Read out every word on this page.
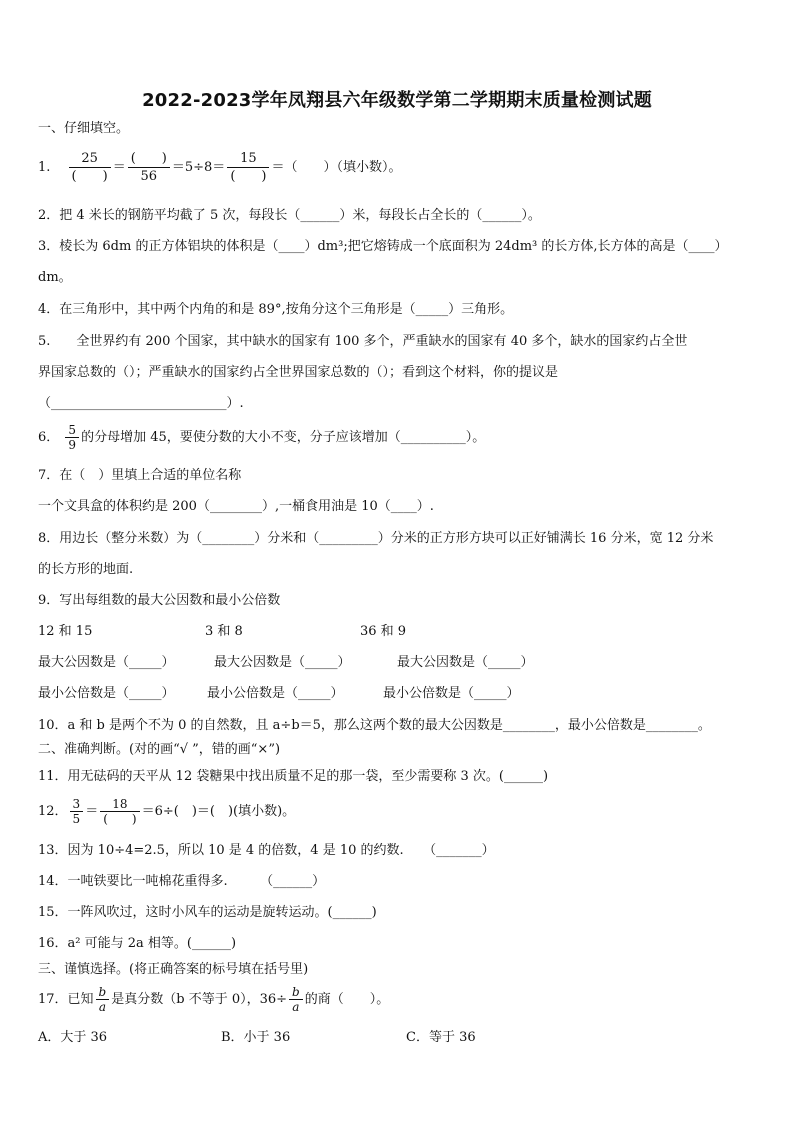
2022-2023学年凤翔县六年级数学第二学期期末质量检测试题
一、仔细填空。
1. $\frac{25}{( )} = \frac{( )}{56} =5\div 8= \frac{15}{( )}$ ＝（　　）（填小数）。
2．把 4 米长的钢筋平均截了 5 次，每段长（______）米，每段长占全长的（______）。
3．棱长为 6dm 的正方体铝块的体积是（____）dm³;把它熔铸成一个底面积为 24dm³ 的长方体,长方体的高是（____）
dm。
4．在三角形中，其中两个内角的和是 89°,按角分这个三角形是（_____）三角形。
5.　　全世界约有 200 个国家，其中缺水的国家有 100 多个，严重缺水的国家有 40 多个，缺水的国家约占全世
界国家总数的（）；严重缺水的国家约占全世界国家总数的（）；看到这个材料，你的提议是
（___________________________）.
6． $\frac{5}{9}$ 的分母增加 45，要使分数的大小不变，分子应该增加（__________）。
7．在（　）里填上合适的单位名称
一个文具盒的体积约是 200（________）,一桶食用油是 10（____）.
8．用边长（整分米数）为（________）分米和（_________）分米的正方形方块可以正好铺满长 16 分米，宽 12 分米
的长方形的地面.
9．写出每组数的最大公因数和最小公倍数
12 和 15	3 和 8	36 和 9
最大公因数是（_____）	最大公因数是（_____）	最大公因数是（_____）
最小公倍数是（_____） 最小公倍数是（_____）	最小公倍数是（_____）
10．a 和 b 是两个不为 0 的自然数，且 a÷b＝5，那么这两个数的最大公因数是________，最小公倍数是________。
二、准确判断。(对的画“√ ”，错的画“×”)
11．用无砝码的天平从 12 袋糖果中找出质量不足的那一袋，至少需要称 3 次。(______)
12． $\frac{3}{5} = \frac{18}{( )} =6\div$(　)＝(　)(填小数)。
13．因为 10÷4=2.5，所以 10 是 4 的倍数，4 是 10 的约数.　　（_______）
14．一吨铁要比一吨棉花重得多.　　　（______）
15．一阵风吹过，这时小风车的运动是旋转运动。(______)
16．a² 可能与 2a 相等。(______)
三、谨慎选择。(将正确答案的标号填在括号里)
17．已知 $\frac{b}{a}$ 是真分数（b 不等于 0），$36\div \frac{b}{a}$ 的商（　　）。
A．大于 36	B．小于 36	C．等于 36
